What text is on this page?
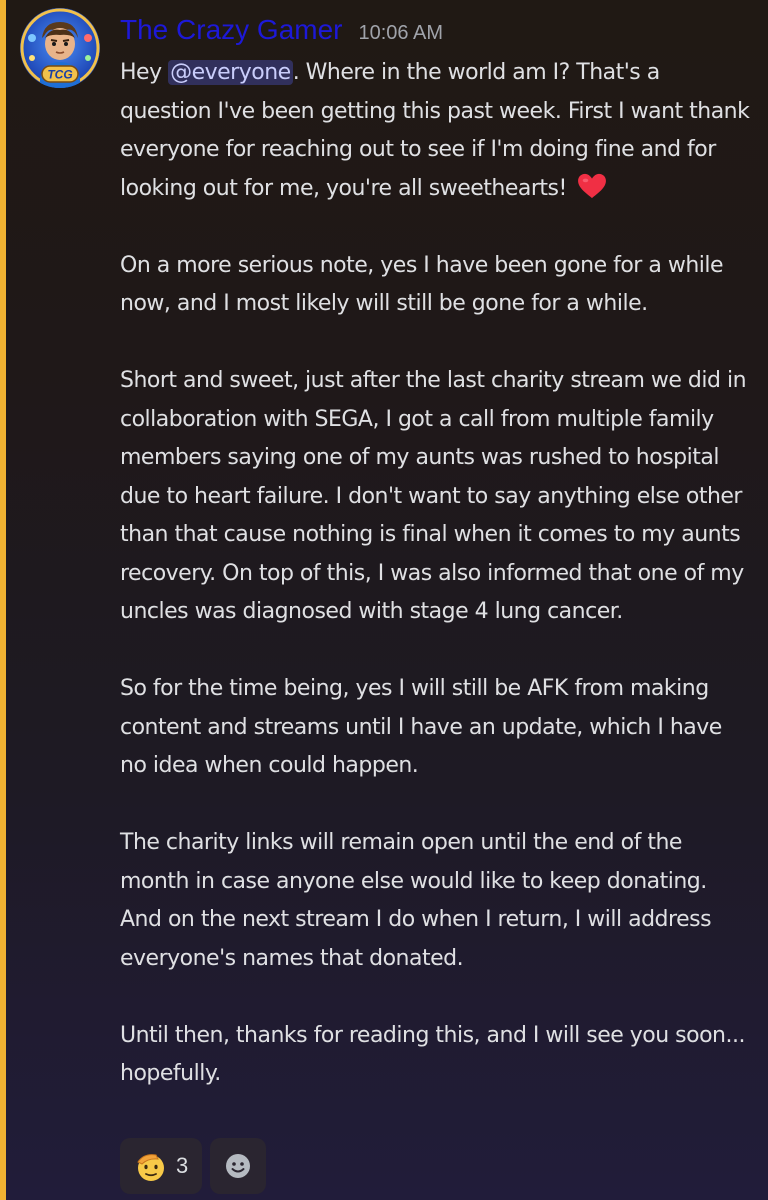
TCG
The Crazy Gamer 10:06 AM

Hey @everyone. Where in the world am I? That's a question I've been getting this past week. First I want thank everyone for reaching out to see if I'm doing fine and for looking out for me, you're all sweethearts!

On a more serious note, yes I have been gone for a while now, and I most likely will still be gone for a while.

Short and sweet, just after the last charity stream we did in collaboration with SEGA, I got a call from multiple family members saying one of my aunts was rushed to hospital due to heart failure. I don't want to say anything else other than that cause nothing is final when it comes to my aunts recovery. On top of this, I was also informed that one of my uncles was diagnosed with stage 4 lung cancer.

So for the time being, yes I will still be AFK from making content and streams until I have an update, which I have no idea when could happen.

The charity links will remain open until the end of the month in case anyone else would like to keep donating. And on the next stream I do when I return, I will address everyone's names that donated.

Until then, thanks for reading this, and I will see you soon... hopefully.

3
